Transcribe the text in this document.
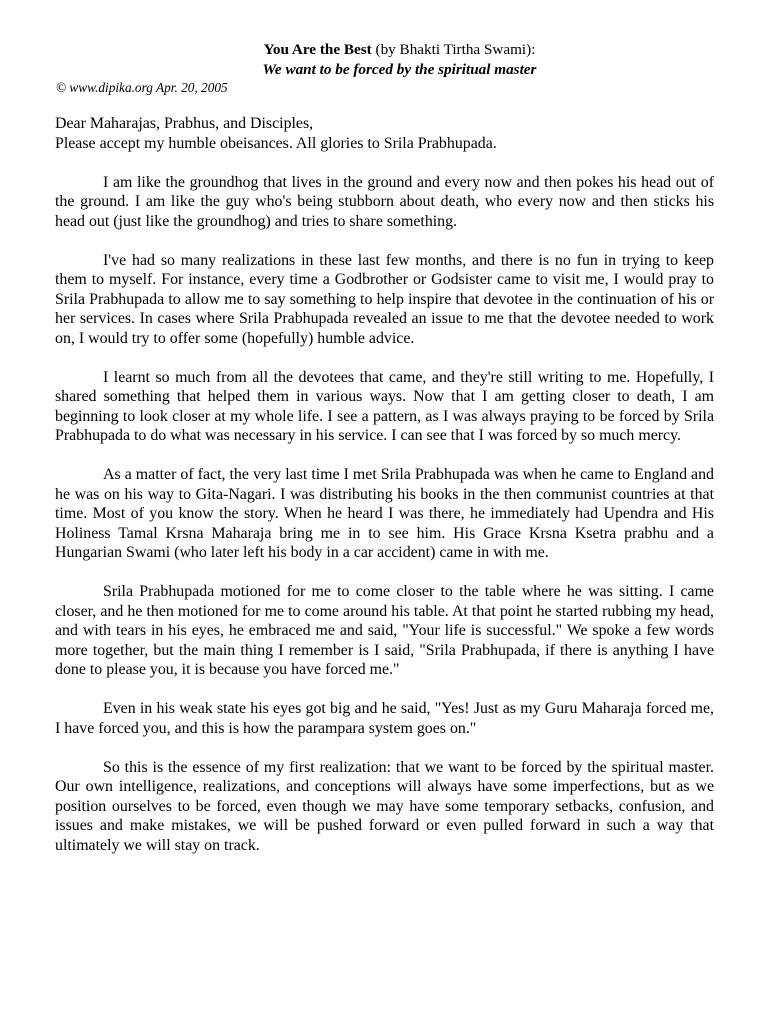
You Are the Best (by Bhakti Tirtha Swami):
We want to be forced by the spiritual master
© www.dipika.org Apr. 20, 2005
Dear Maharajas, Prabhus, and Disciples,
Please accept my humble obeisances. All glories to Srila Prabhupada.

I am like the groundhog that lives in the ground and every now and then pokes his head out of the ground. I am like the guy who's being stubborn about death, who every now and then sticks his head out (just like the groundhog) and tries to share something.

I've had so many realizations in these last few months, and there is no fun in trying to keep them to myself. For instance, every time a Godbrother or Godsister came to visit me, I would pray to Srila Prabhupada to allow me to say something to help inspire that devotee in the continuation of his or her services. In cases where Srila Prabhupada revealed an issue to me that the devotee needed to work on, I would try to offer some (hopefully) humble advice.

I learnt so much from all the devotees that came, and they're still writing to me. Hopefully, I shared something that helped them in various ways. Now that I am getting closer to death, I am beginning to look closer at my whole life. I see a pattern, as I was always praying to be forced by Srila Prabhupada to do what was necessary in his service. I can see that I was forced by so much mercy.

As a matter of fact, the very last time I met Srila Prabhupada was when he came to England and he was on his way to Gita-Nagari. I was distributing his books in the then communist countries at that time. Most of you know the story. When he heard I was there, he immediately had Upendra and His Holiness Tamal Krsna Maharaja bring me in to see him. His Grace Krsna Ksetra prabhu and a Hungarian Swami (who later left his body in a car accident) came in with me.

Srila Prabhupada motioned for me to come closer to the table where he was sitting. I came closer, and he then motioned for me to come around his table. At that point he started rubbing my head, and with tears in his eyes, he embraced me and said, "Your life is successful." We spoke a few words more together, but the main thing I remember is I said, "Srila Prabhupada, if there is anything I have done to please you, it is because you have forced me."

Even in his weak state his eyes got big and he said, "Yes! Just as my Guru Maharaja forced me, I have forced you, and this is how the parampara system goes on."

So this is the essence of my first realization: that we want to be forced by the spiritual master. Our own intelligence, realizations, and conceptions will always have some imperfections, but as we position ourselves to be forced, even though we may have some temporary setbacks, confusion, and issues and make mistakes, we will be pushed forward or even pulled forward in such a way that ultimately we will stay on track.
